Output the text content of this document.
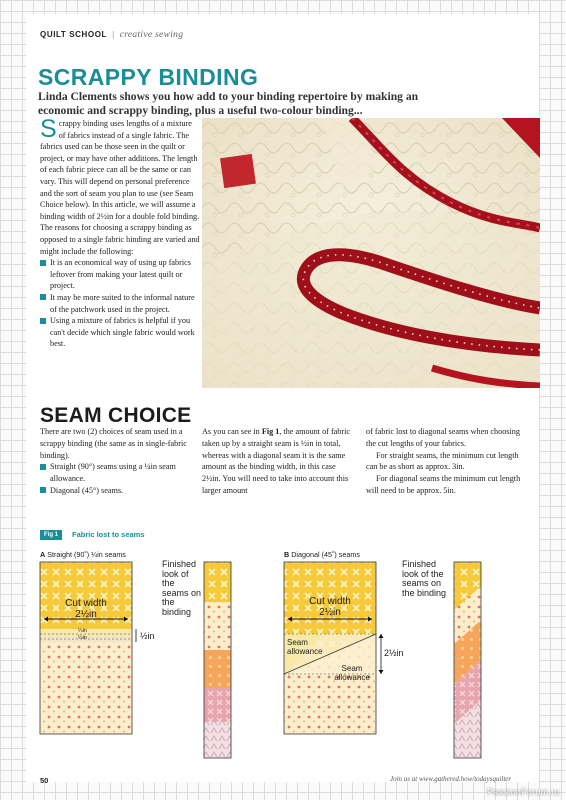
QUILT SCHOOL | creative sewing
SCRAPPY BINDING

Linda Clements shows you how add to your binding repertoire by making an economic and scrappy binding, plus a useful two-colour binding...

Scrappy binding uses lengths of a mixture of fabrics instead of a single fabric. The fabrics used can be those seen in the quilt or project, or may have other additions. The length of each fabric piece can all be the same or can vary. This will depend on personal preference and the sort of seam you plan to use (see Seam Choice below). In this article, we will assume a binding width of 2½in for a double fold binding. The reasons for choosing a scrappy binding as opposed to a single fabric binding are varied and might include the following:
It is an economical way of using up fabrics leftover from making your latest quilt or project.
It may be more suited to the informal nature of the patchwork used in the project.
Using a mixture of fabrics is helpful if you can't decide which single fabric would work best.
SEAM CHOICE

There are two (2) choices of seam used in a scrappy binding (the same as in single-fabric binding).

Straight (90°) seams using a ¼in seam allowance.
Diagonal (45°) seams.

As you can see in Fig 1, the amount of fabric taken up by a straight seam is ½in in total, whereas with a diagonal seam it is the same amount as the binding width, in this case 2½in. You will need to take into account this larger amount

of fabric lost to diagonal seams when choosing the cut lengths of your fabrics.

For straight seams, the minimum cut length can be as short as approx. 3in.

For diagonal seams the minimum cut length will need to be approx. 5in.

Fig 1	Fabric lost to seams
A Straight (90˚) ¼in seams	B Diagonal (45˚) seams
Cut width
2½in
¼in
¼in	½in
Finished look of the seams on the binding
Cut width
2½in
Seam allowance
Seam allowance
2½in
Finished look of the seams on the binding
50	Join us at www.gathered.how/todaysquilter
PassionForum.ru
